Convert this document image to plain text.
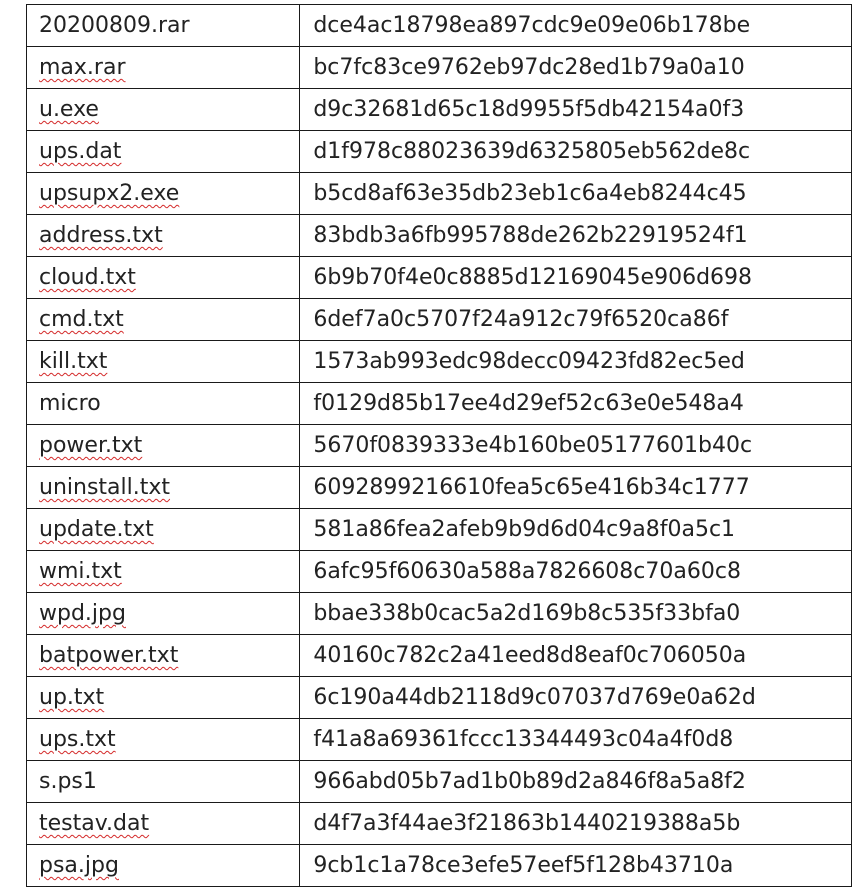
20200809.rar	dce4ac18798ea897cdc9e09e06b178be
max.rar	bc7fc83ce9762eb97dc28ed1b79a0a10
u.exe	d9c32681d65c18d9955f5db42154a0f3
ups.dat	d1f978c88023639d6325805eb562de8c
upsupx2.exe	b5cd8af63e35db23eb1c6a4eb8244c45
address.txt	83bdb3a6fb995788de262b22919524f1
cloud.txt	6b9b70f4e0c8885d12169045e906d698
cmd.txt	6def7a0c5707f24a912c79f6520ca86f
kill.txt	1573ab993edc98decc09423fd82ec5ed
micro	f0129d85b17ee4d29ef52c63e0e548a4
power.txt	5670f0839333e4b160be05177601b40c
uninstall.txt	6092899216610fea5c65e416b34c1777
update.txt	581a86fea2afeb9b9d6d04c9a8f0a5c1
wmi.txt	6afc95f60630a588a7826608c70a60c8
wpd.jpg	bbae338b0cac5a2d169b8c535f33bfa0
batpower.txt	40160c782c2a41eed8d8eaf0c706050a
up.txt	6c190a44db2118d9c07037d769e0a62d
ups.txt	f41a8a69361fccc13344493c04a4f0d8
s.ps1	966abd05b7ad1b0b89d2a846f8a5a8f2
testav.dat	d4f7a3f44ae3f21863b1440219388a5b
psa.jpg	9cb1c1a78ce3efe57eef5f128b43710a
